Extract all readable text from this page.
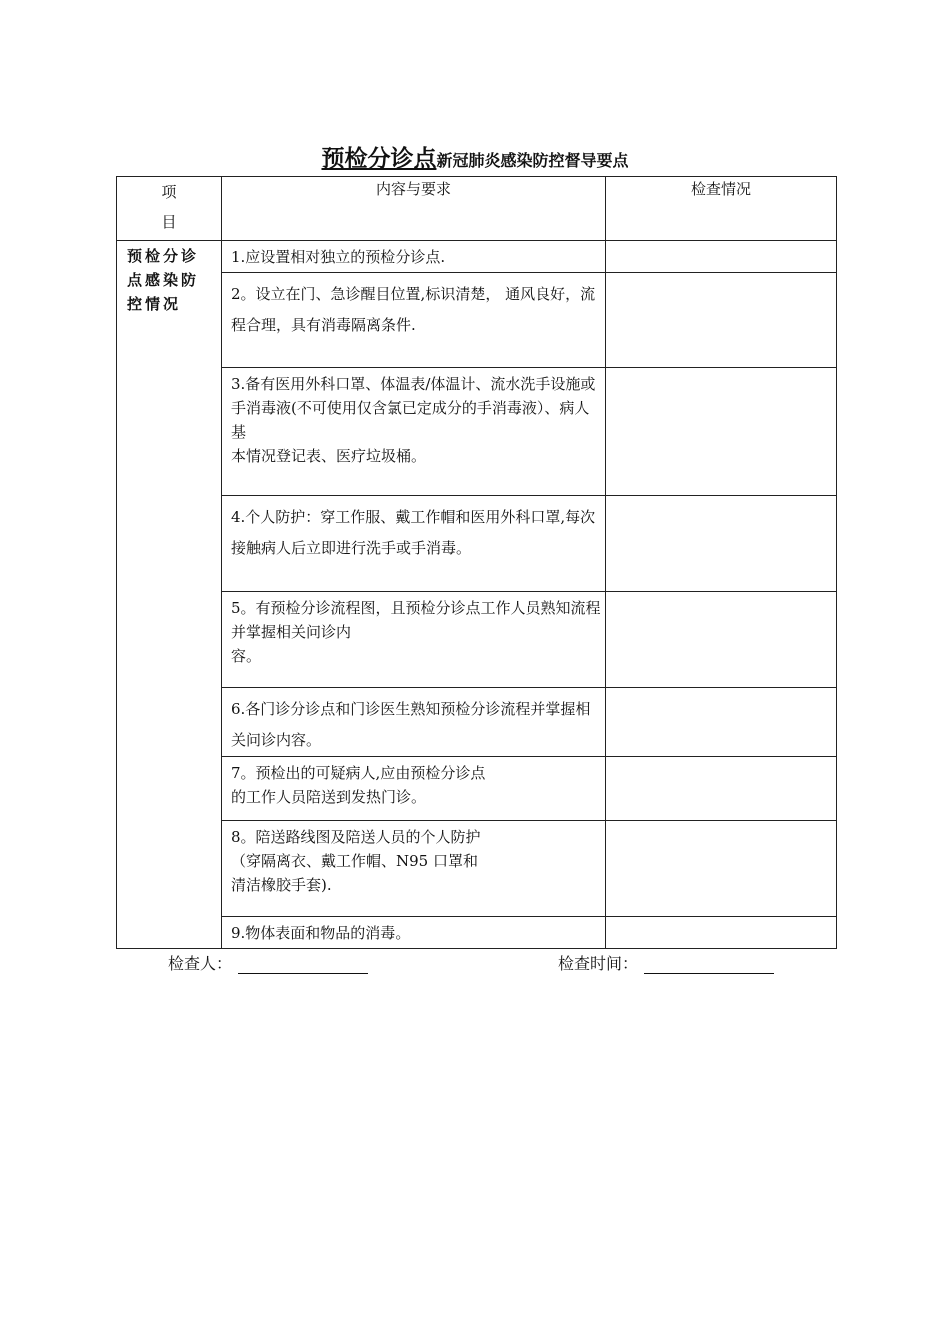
预检分诊点新冠肺炎感染防控督导要点
项
目	内容与要求	检查情况
预检分诊点感染防控情况	1.应设置相对独立的预检分诊点.	
	2。设立在门、急诊醒目位置,标识清楚， 通风良好，流程合理，具有消毒隔离条件.	
	3.备有医用外科口罩、体温表/体温计、流水洗手设施或手消毒液(不可使用仅含氯已定成分的手消毒液）、病人基
本情况登记表、医疗垃圾桶。	
	4.个人防护：穿工作服、戴工作帽和医用外科口罩,每次接触病人后立即进行洗手或手消毒。	
	5。有预检分诊流程图，且预检分诊点工作人员熟知流程并掌握相关问诊内
容。	
	6.各门诊分诊点和门诊医生熟知预检分诊流程并掌握相关问诊内容。	
	7。预检出的可疑病人,应由预检分诊点
的工作人员陪送到发热门诊。	
	8。陪送路线图及陪送人员的个人防护
（穿隔离衣、戴工作帽、N95 口罩和
清洁橡胶手套).	
	9.物体表面和物品的消毒。	
检查人：	检查时间：
